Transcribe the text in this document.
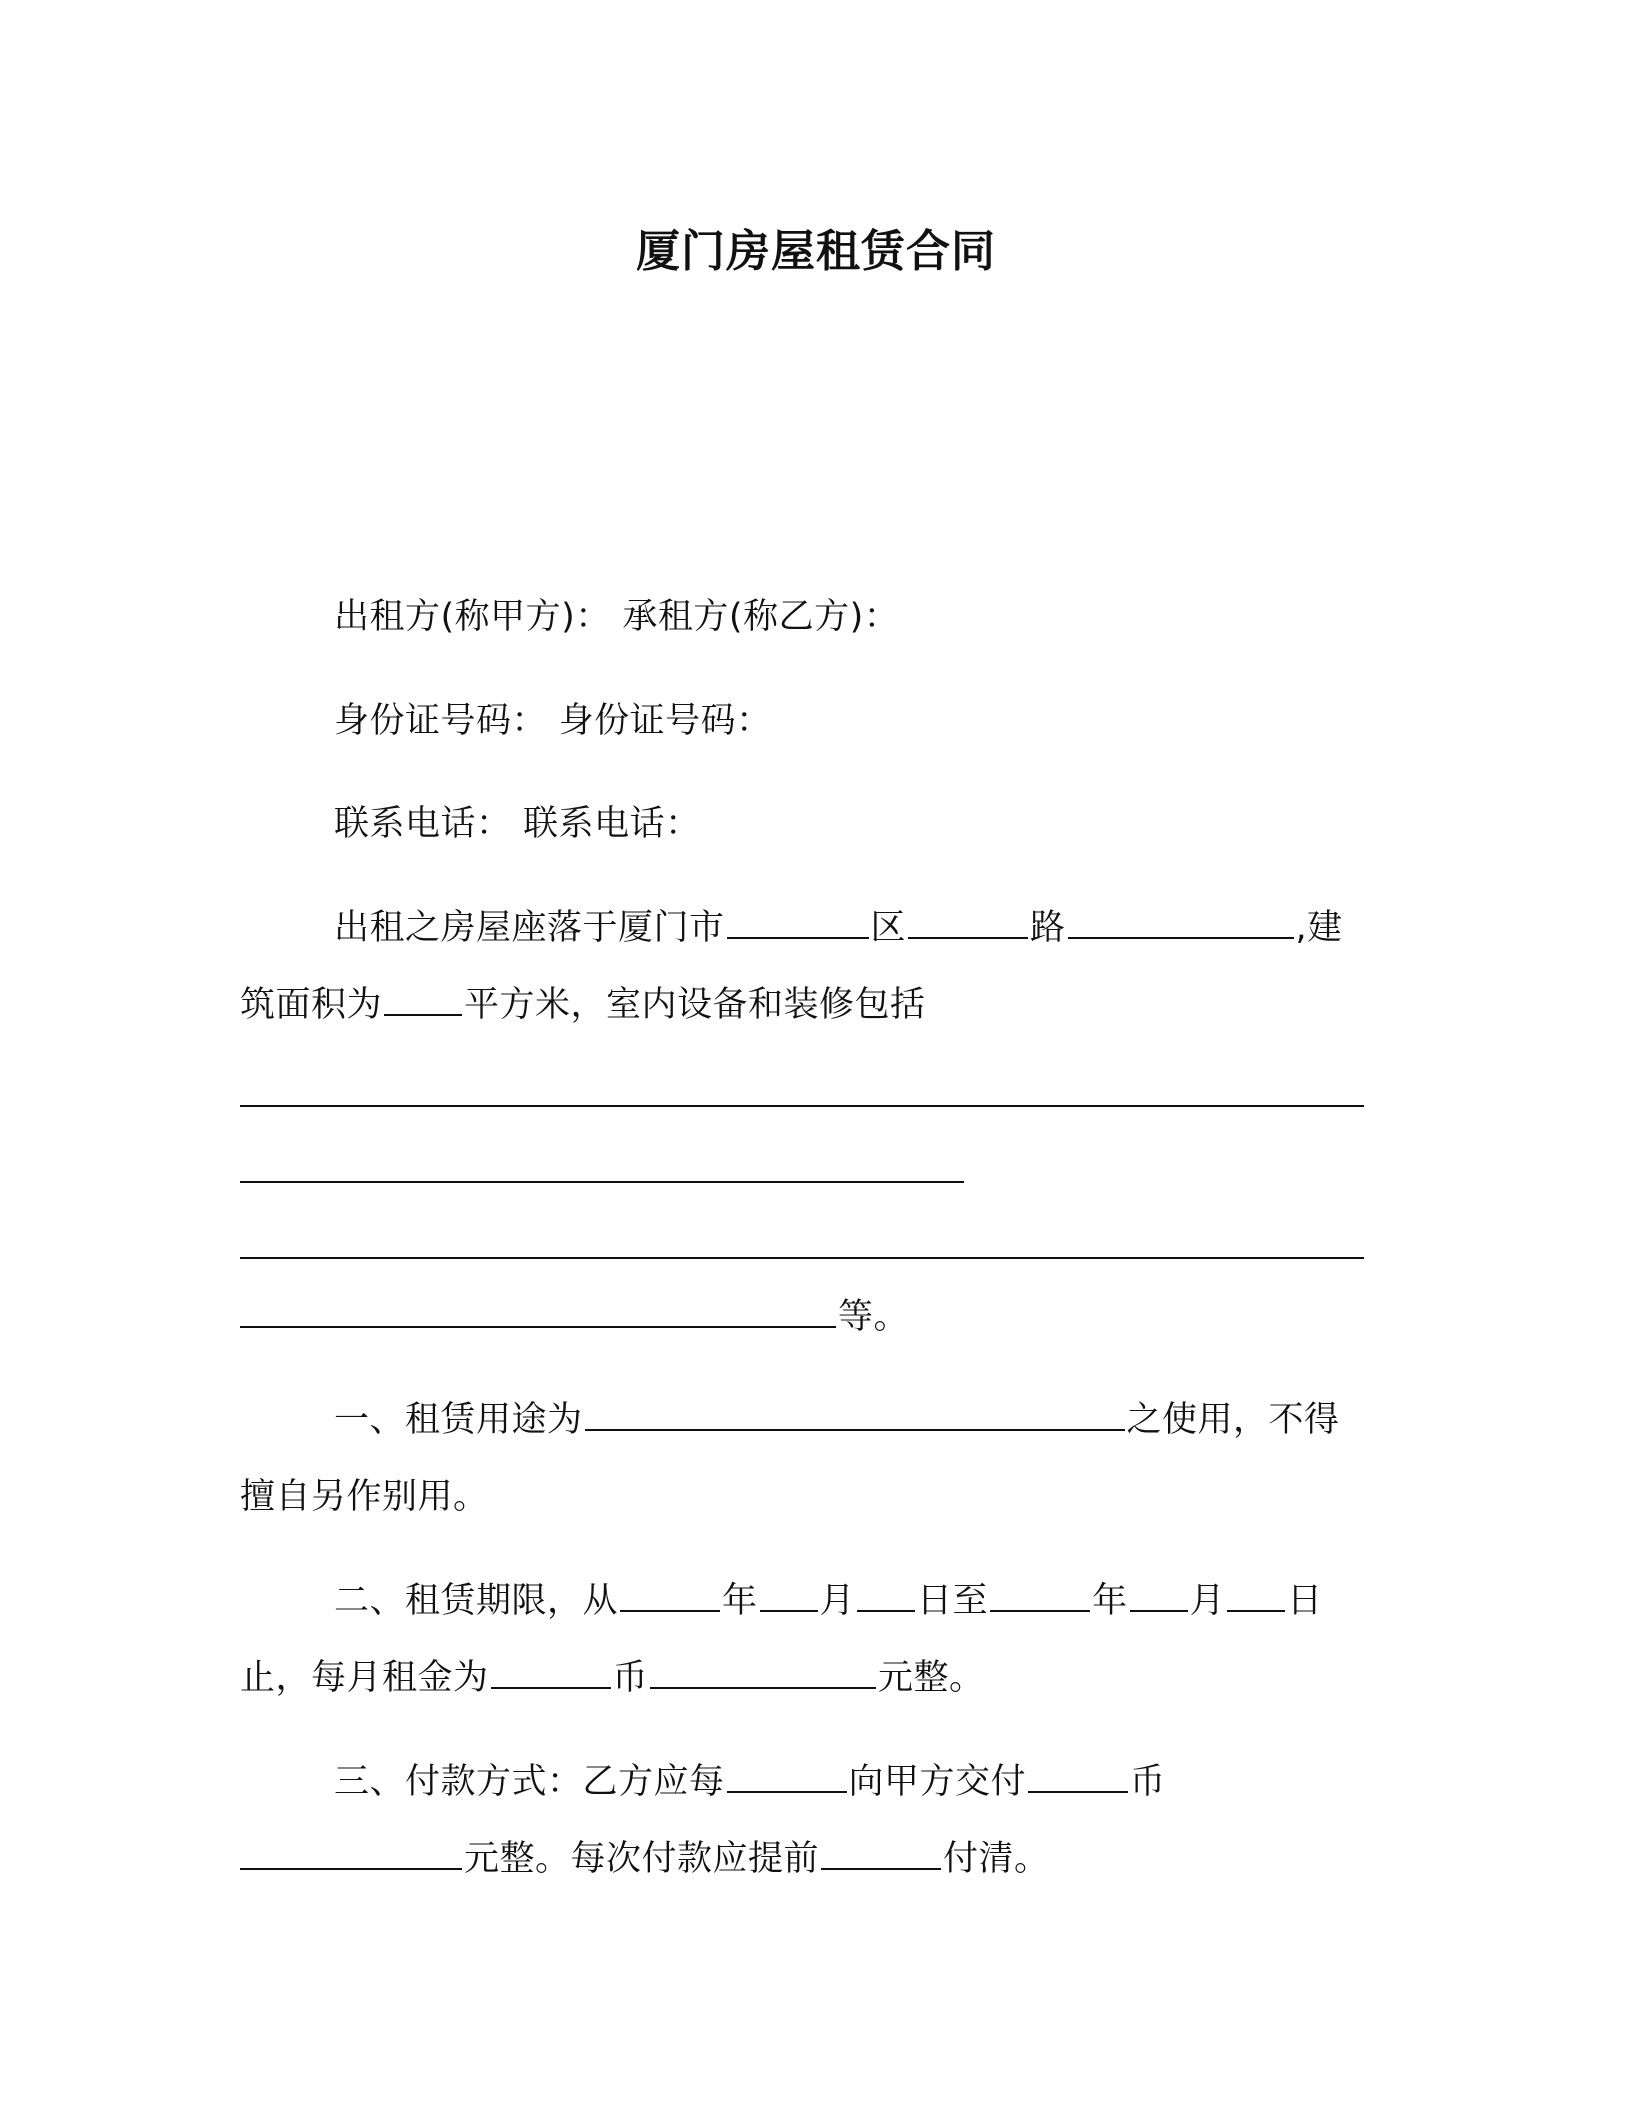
厦门房屋租赁合同
出租方(称甲方)： 承租方(称乙方)：
身份证号码： 身份证号码：
联系电话： 联系电话：
出租之房屋座落于厦门市	区	路	,建
筑面积为 平方米，室内设备和装修包括
等。
一、租赁用途为	之使用，不得
擅自另作别用。
二、租赁期限，从	年 月 日至	年 月 日
止，每月租金为	币	元整。
三、付款方式：乙方应每	向甲方交付	币
元整。每次付款应提前	付清。
